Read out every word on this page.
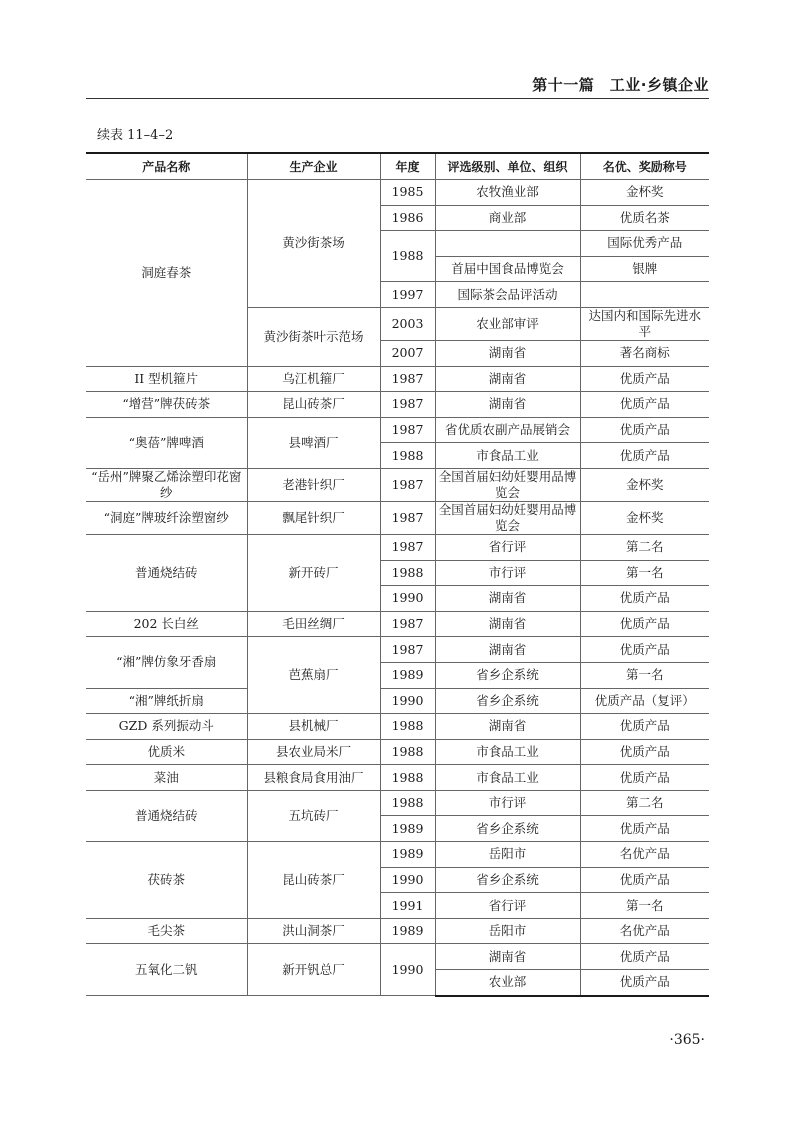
第十一篇　工业·乡镇企业
续表 11–4–2
产品名称	生产企业	年度	评选级别、单位、组织	名优、奖励称号
洞庭春茶	黄沙街茶场	1985	农牧渔业部	金杯奖
		1986	商业部	优质名茶
		1988		国际优秀产品
			首届中国食品博览会	银牌
		1997	国际茶会品评活动	
	黄沙街茶叶示范场	2003	农业部审评	达国内和国际先进水平
		2007	湖南省	著名商标
II 型机箍片	乌江机箍厂	1987	湖南省	优质产品
“增营”牌茯砖茶	昆山砖茶厂	1987	湖南省	优质产品
“奥蓓”牌啤酒	县啤酒厂	1987	省优质农副产品展销会	优质产品
		1988	市食品工业	优质产品
“岳州”牌聚乙烯涂塑印花窗纱	老港针织厂	1987	全国首届妇幼妊婴用品博览会	金杯奖
“洞庭”牌玻纤涂塑窗纱	飘尾针织厂	1987	全国首届妇幼妊婴用品博览会	金杯奖
普通烧结砖	新开砖厂	1987	省行评	第二名
		1988	市行评	第一名
		1990	湖南省	优质产品
202 长白丝	毛田丝绸厂	1987	湖南省	优质产品
“湘”牌仿象牙香扇	芭蕉扇厂	1987	湖南省	优质产品
		1989	省乡企系统	第一名
“湘”牌纸折扇		1990	省乡企系统	优质产品（复评）
GZD 系列振动斗	县机械厂	1988	湖南省	优质产品
优质米	县农业局米厂	1988	市食品工业	优质产品
菜油	县粮食局食用油厂	1988	市食品工业	优质产品
普通烧结砖	五坑砖厂	1988	市行评	第二名
		1989	省乡企系统	优质产品
茯砖茶	昆山砖茶厂	1989	岳阳市	名优产品
		1990	省乡企系统	优质产品
		1991	省行评	第一名
毛尖茶	洪山洞茶厂	1989	岳阳市	名优产品
五氧化二钒	新开钒总厂	1990	湖南省	优质产品
			农业部	优质产品
·365·
